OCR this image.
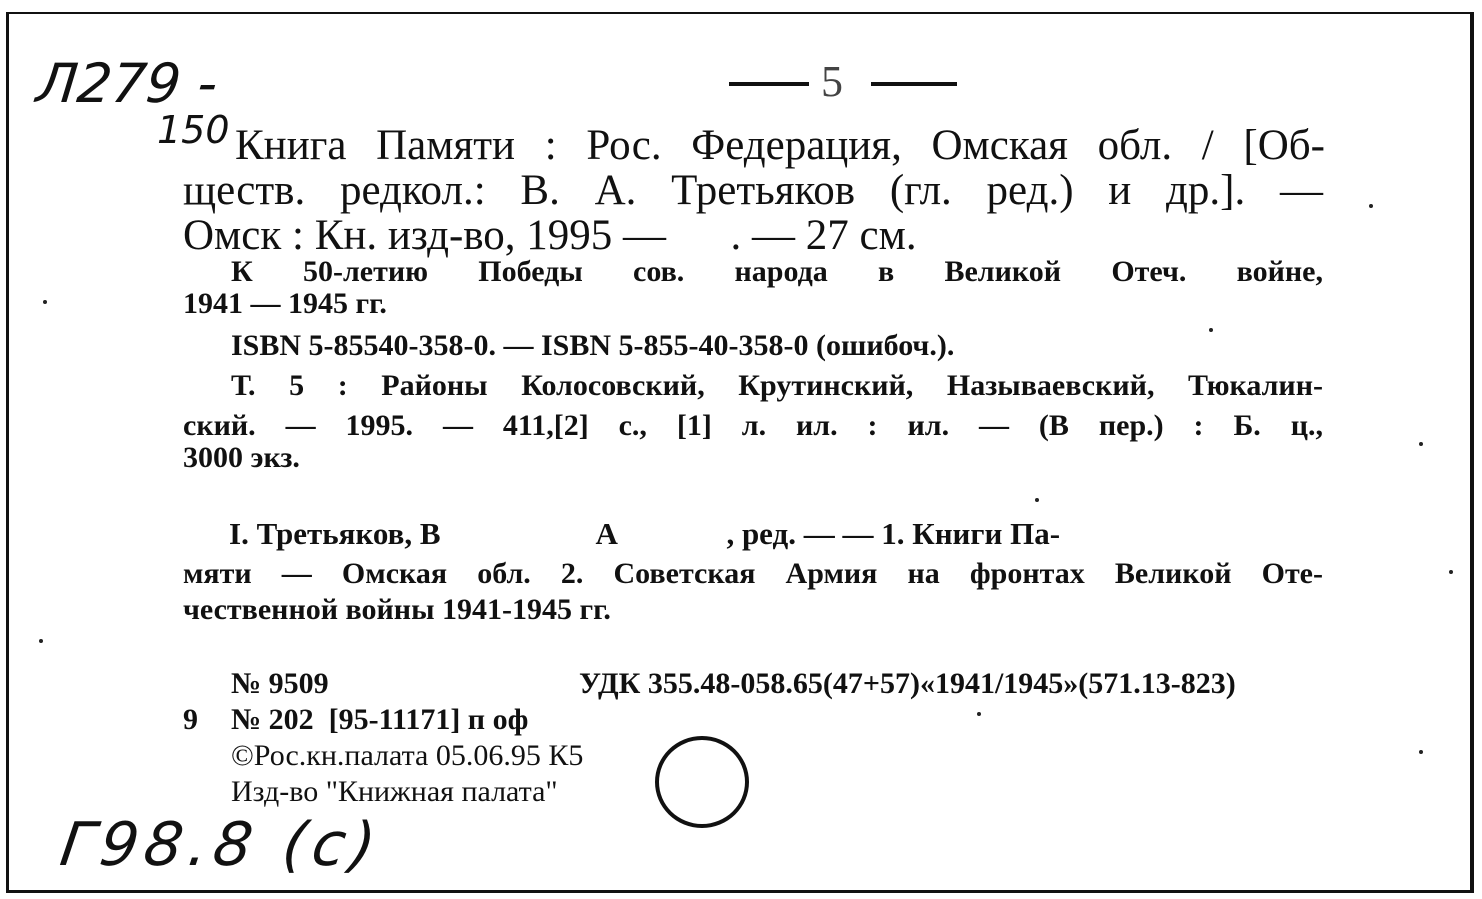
Л279 -
150
5
Книга Памяти : Рос. Федерация, Омская обл. / [Об-
ществ. редкол.: В. А. Третьяков (гл. ред.) и др.]. —
Омск : Кн. изд-во, 1995 —      . — 27 см.
К 50-летию Победы сов. народа в Великой Отеч. войне,
1941 — 1945 гг.
ISBN 5-85540-358-0. — ISBN 5-855-40-358-0 (ошибоч.).
Т. 5 : Районы Колосовский, Крутинский, Называевский, Тюкалин-
ский. — 1995. — 411,[2] с., [1] л. ил. : ил. — (В пер.) : Б. ц.,
3000 экз.
I. Третьяков, В                    А              , ред. — — 1. Книги Па-
мяти — Омская обл. 2. Советская Армия на фронтах Великой Оте-
чественной войны 1941-1945 гг.
№ 9509	УДК 355.48-058.65(47+57)«1941/1945»(571.13-823)
9 № 202  [95-11171] п оф
©Рос.кн.палата 05.06.95 К5
Изд-во "Книжная палата"
Г98.8 (с)
